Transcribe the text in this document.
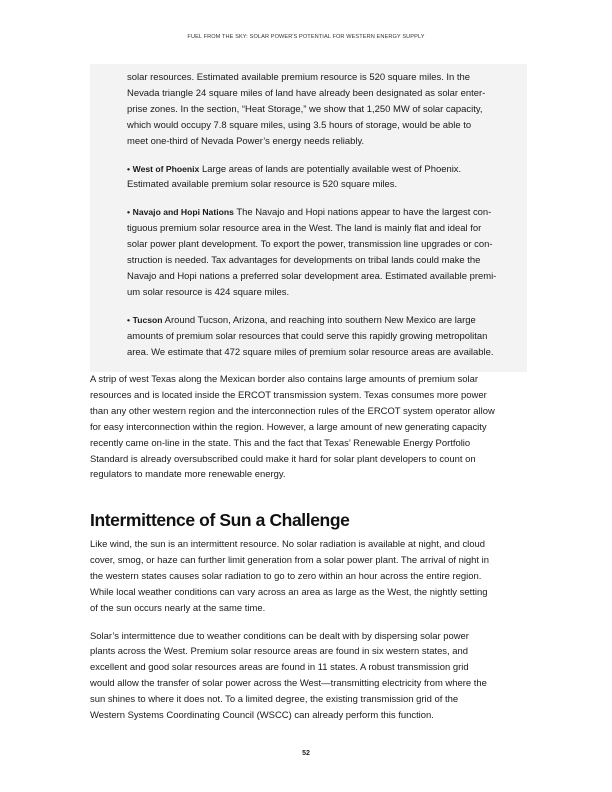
FUEL FROM THE SKY: SOLAR POWER'S POTENTIAL FOR WESTERN ENERGY SUPPLY

solar resources. Estimated available premium resource is 520 square miles. In the
Nevada triangle 24 square miles of land have already been designated as solar enter-
prise zones. In the section, “Heat Storage,” we show that 1,250 MW of solar capacity,
which would occupy 7.8 square miles, using 3.5 hours of storage, would be able to
meet one-third of Nevada Power’s energy needs reliably.

• West of Phoenix Large areas of lands are potentially available west of Phoenix.
Estimated available premium solar resource is 520 square miles.

• Navajo and Hopi Nations The Navajo and Hopi nations appear to have the largest con-
tiguous premium solar resource area in the West. The land is mainly flat and ideal for
solar power plant development. To export the power, transmission line upgrades or con-
struction is needed. Tax advantages for developments on tribal lands could make the
Navajo and Hopi nations a preferred solar development area. Estimated available premi-
um solar resource is 424 square miles.

• Tucson Around Tucson, Arizona, and reaching into southern New Mexico are large
amounts of premium solar resources that could serve this rapidly growing metropolitan
area. We estimate that 472 square miles of premium solar resource areas are available.

A strip of west Texas along the Mexican border also contains large amounts of premium solar
resources and is located inside the ERCOT transmission system. Texas consumes more power
than any other western region and the interconnection rules of the ERCOT system operator allow
for easy interconnection within the region. However, a large amount of new generating capacity
recently came on-line in the state. This and the fact that Texas’ Renewable Energy Portfolio
Standard is already oversubscribed could make it hard for solar plant developers to count on
regulators to mandate more renewable energy.

Intermittence of Sun a Challenge

Like wind, the sun is an intermittent resource. No solar radiation is available at night, and cloud
cover, smog, or haze can further limit generation from a solar power plant. The arrival of night in
the western states causes solar radiation to go to zero within an hour across the entire region.
While local weather conditions can vary across an area as large as the West, the nightly setting
of the sun occurs nearly at the same time.

Solar’s intermittence due to weather conditions can be dealt with by dispersing solar power
plants across the West. Premium solar resource areas are found in six western states, and
excellent and good solar resources areas are found in 11 states. A robust transmission grid
would allow the transfer of solar power across the West—transmitting electricity from where the
sun shines to where it does not. To a limited degree, the existing transmission grid of the
Western Systems Coordinating Council (WSCC) can already perform this function.

52
